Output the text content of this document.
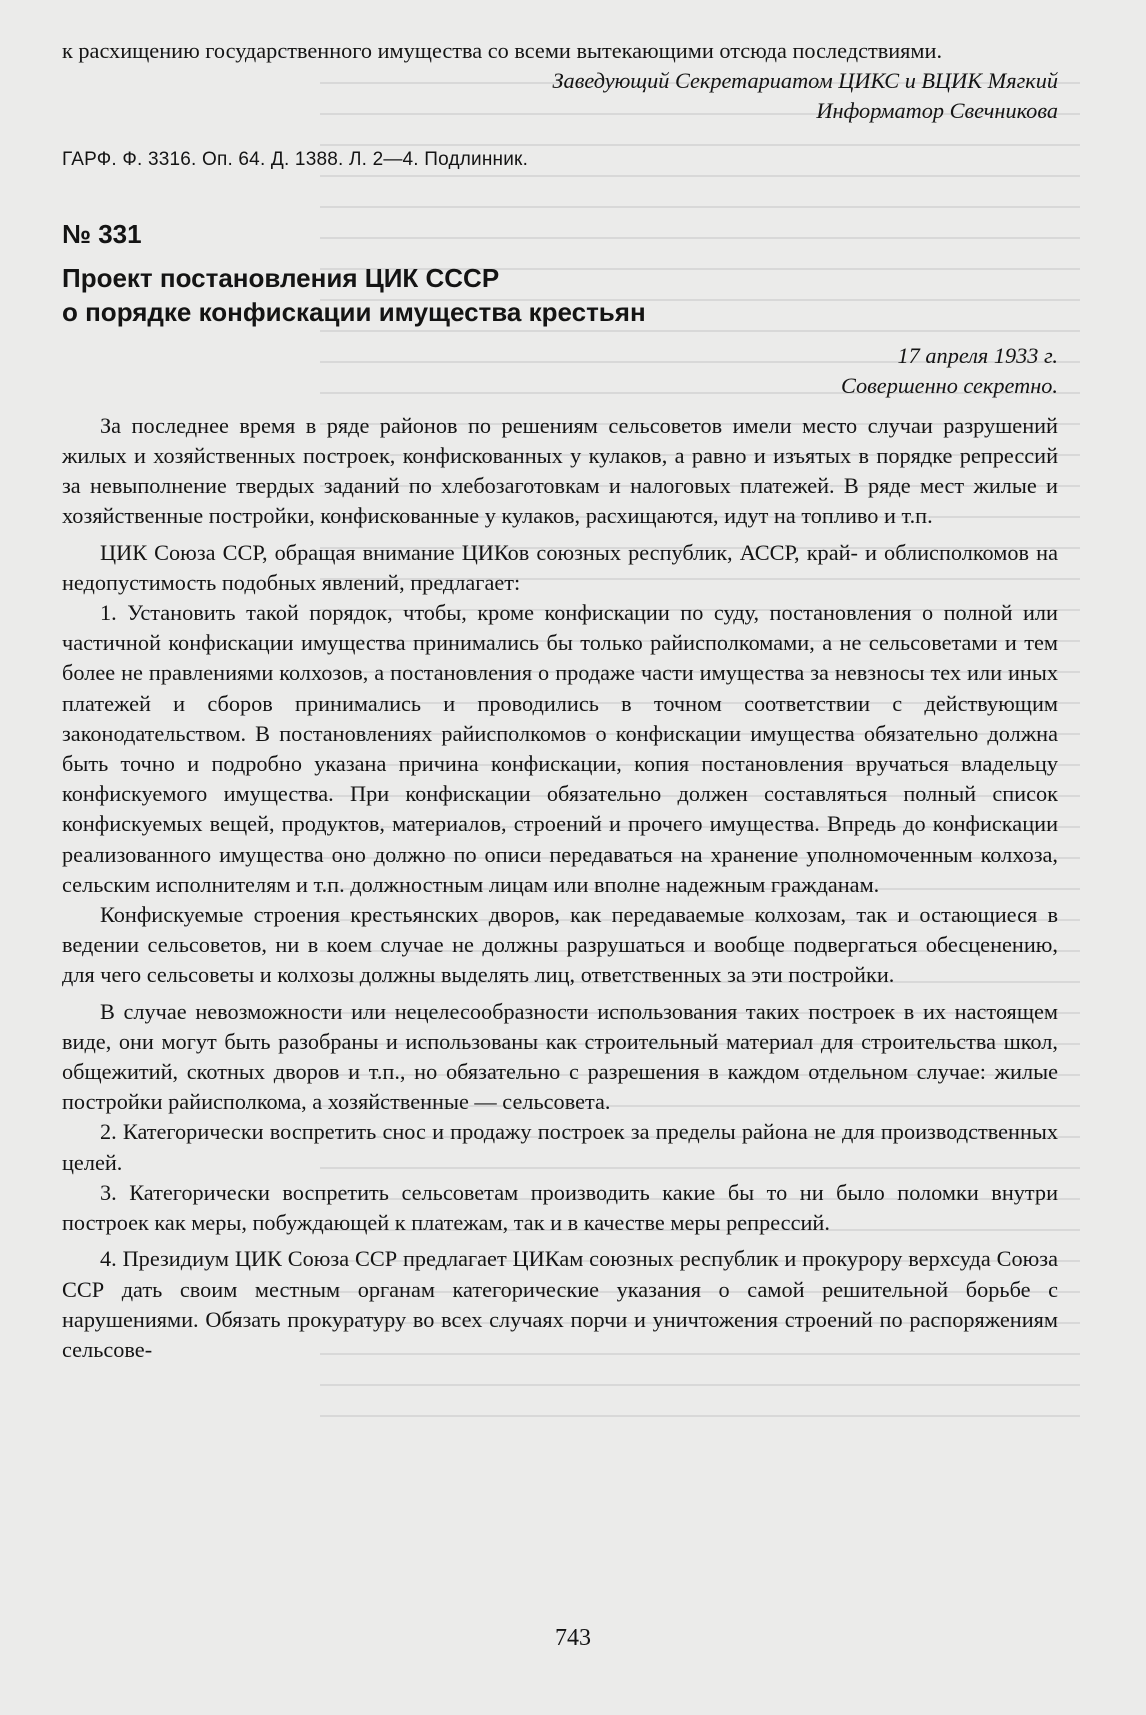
к расхищению государственного имущества со всеми вытекающими отсюда последствиями.

Заведующий Секретариатом ЦИКС и ВЦИК Мягкий

Информатор Свечникова

ГАРФ. Ф. 3316. Оп. 64. Д. 1388. Л. 2—4. Подлинник.

№ 331

Проект постановления ЦИК СССР
о порядке конфискации имущества крестьян

17 апреля 1933 г.

Совершенно секретно.

За последнее время в ряде районов по решениям сельсоветов имели место случаи разрушений жилых и хозяйственных построек, конфискованных у кулаков, а равно и изъятых в порядке репрессий за невыполнение твердых заданий по хлебозаготовкам и налоговых платежей. В ряде мест жилые и хозяйственные постройки, конфискованные у кулаков, расхищаются, идут на топливо и т.п.

ЦИК Союза ССР, обращая внимание ЦИКов союзных республик, АССР, край- и облисполкомов на недопустимость подобных явлений, предлагает:

1. Установить такой порядок, чтобы, кроме конфискации по суду, постановления о полной или частичной конфискации имущества принимались бы только райисполкомами, а не сельсоветами и тем более не правлениями колхозов, а постановления о продаже части имущества за невзносы тех или иных платежей и сборов принимались и проводились в точном соответствии с действующим законодательством. В постановлениях райисполкомов о конфискации имущества обязательно должна быть точно и подробно указана причина конфискации, копия постановления вручаться владельцу конфискуемого имущества. При конфискации обязательно должен составляться полный список конфискуемых вещей, продуктов, материалов, строений и прочего имущества. Впредь до конфискации реализованного имущества оно должно по описи передаваться на хранение уполномоченным колхоза, сельским исполнителям и т.п. должностным лицам или вполне надежным гражданам.

Конфискуемые строения крестьянских дворов, как передаваемые колхозам, так и остающиеся в ведении сельсоветов, ни в коем случае не должны разрушаться и вообще подвергаться обесценению, для чего сельсоветы и колхозы должны выделять лиц, ответственных за эти постройки.

В случае невозможности или нецелесообразности использования таких построек в их настоящем виде, они могут быть разобраны и использованы как строительный материал для строительства школ, общежитий, скотных дворов и т.п., но обязательно с разрешения в каждом отдельном случае: жилые постройки райисполкома, а хозяйственные — сельсовета.

2. Категорически воспретить снос и продажу построек за пределы района не для производственных целей.

3. Категорически воспретить сельсоветам производить какие бы то ни было поломки внутри построек как меры, побуждающей к платежам, так и в качестве меры репрессий.

4. Президиум ЦИК Союза ССР предлагает ЦИКам союзных республик и прокурору верхсуда Союза ССР дать своим местным органам категорические указания о самой решительной борьбе с нарушениями. Обязать прокуратуру во всех случаях порчи и уничтожения строений по распоряжениям сельсове-

743
